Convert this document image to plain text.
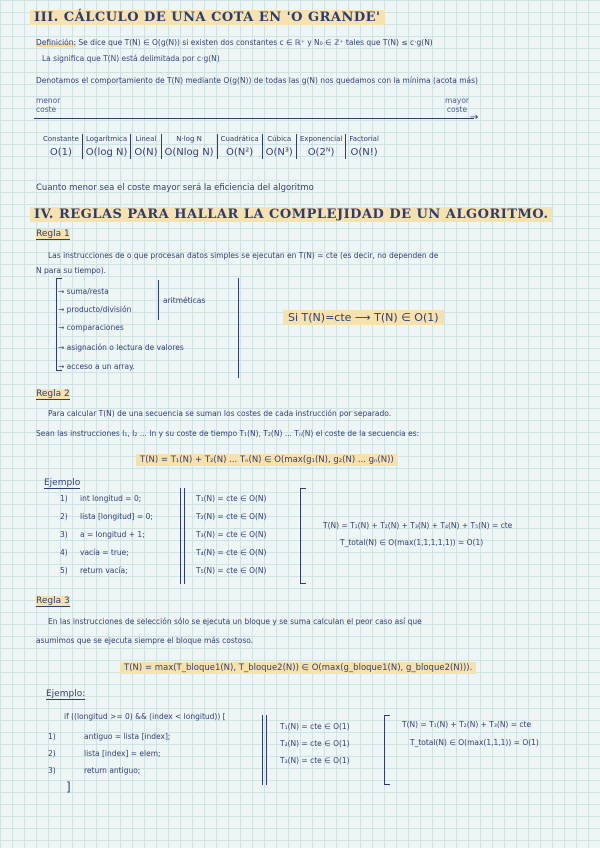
III. CÁLCULO DE UNA COTA EN 'O GRANDE'
Definición: Se dice que T(N) ∈ O(g(N)) si existen dos constantes c ∈ ℝ⁺ y N₀ ∈ ℤ⁺ tales que T(N) ≤ c·g(N)
La significa que T(N) está delimitada por c·g(N)
Denotamos el comportamiento de T(N) mediante O(g(N)) de todas las g(N) nos quedamos con la mínima (acota más)
menor
coste
mayor
coste
→
Constante	Logarítmica	Lineal	N·log N	Cuadrática	Cúbica	Exponencial	Factorial
O(1)	O(log N)	O(N)	O(Nlog N)	O(N²)	O(N³)	O(2ᴺ)	O(N!)
Cuanto menor sea el coste mayor será la eficiencia del algoritmo
IV. REGLAS PARA HALLAR LA COMPLEJIDAD DE UN ALGORITMO.
Regla 1
Las instrucciones de o que procesan datos simples se ejecutan en T(N) = cte (es decir, no dependen de
N para su tiempo).
→ suma/resta
→ producto/división
→ comparaciones
→ asignación o lectura de valores
→ acceso a un array.
aritméticas
Si T(N)=cte ⟶ T(N) ∈ O(1)
Regla 2
Para calcular T(N) de una secuencia se suman los costes de cada instrucción por separado.
Sean las instrucciones I₁, I₂ ... In y su coste de tiempo T₁(N), T₂(N) ... Tₙ(N) el coste de la secuencia es:
T(N) = T₁(N) + T₂(N) ... Tₙ(N) ∈ O(max(g₁(N), g₂(N) ... gₙ(N))
Ejemplo
1) int longitud = 0;	T₁(N) = cte ∈ O(N)
2) lista [longitud] = 0;	T₂(N) = cte ∈ O(N)
3) a = longitud + 1;	T₃(N) = cte ∈ O(N)
4) vacía = true;	T₄(N) = cte ∈ O(N)
5) return vacía;	T₅(N) = cte ∈ O(N)
T(N) = T₁(N) + T₂(N) + T₃(N) + T₄(N) + T₅(N) = cte
T_total(N) ∈ O(max(1,1,1,1,1)) = O(1)
Regla 3
En las instrucciones de selección sólo se ejecuta un bloque y se suma calculan el peor caso así que
asumimos que se ejecuta siempre el bloque más costoso.
T(N) = max(T_bloque1(N), T_bloque2(N)) ∈ O(max(g_bloque1(N), g_bloque2(N))).
Ejemplo:
if ((longitud >= 0) && (index < longitud)) [
1)	antiguo = lista [index];
T₁(N) = cte ∈ O(1)
2)	lista [index] = elem;
T₂(N) = cte ∈ O(1)
3)	return antiguo;
T₃(N) = cte ∈ O(1)
]
T(N) = T₁(N) + T₂(N) + T₃(N) = cte
T_total(N) ∈ O(max(1,1,1)) = O(1)
